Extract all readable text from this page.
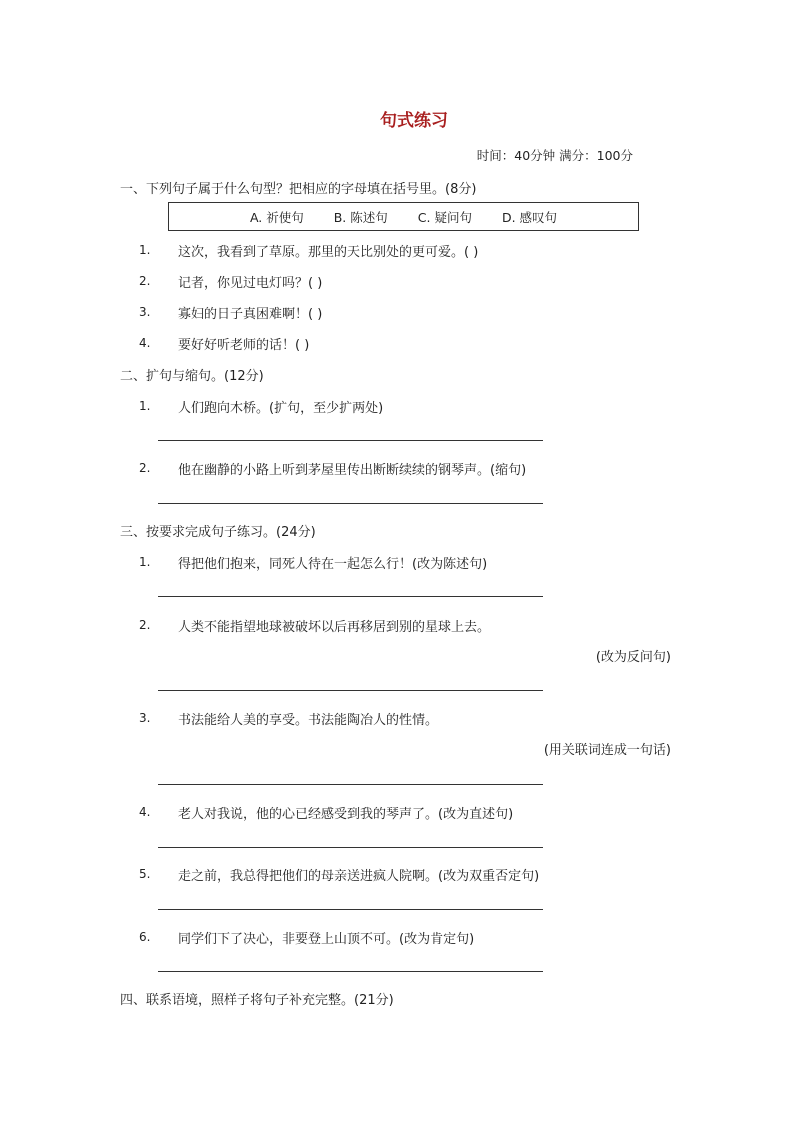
句式练习
时间：40分钟 满分：100分
一、下列句子属于什么句型？把相应的字母填在括号里。(8分)
A. 祈使句 B. 陈述句 C. 疑问句 D. 感叹句
1. 这次，我看到了草原。那里的天比别处的更可爱。( )
2. 记者，你见过电灯吗？( )
3. 寡妇的日子真困难啊！( )
4. 要好好听老师的话！( )
二、扩句与缩句。(12分)
1. 人们跑向木桥。(扩句，至少扩两处)
2. 他在幽静的小路上听到茅屋里传出断断续续的钢琴声。(缩句)
三、按要求完成句子练习。(24分)
1. 得把他们抱来，同死人待在一起怎么行！(改为陈述句)
2. 人类不能指望地球被破坏以后再移居到别的星球上去。
(改为反问句)
3. 书法能给人美的享受。书法能陶冶人的性情。
(用关联词连成一句话)
4. 老人对我说，他的心已经感受到我的琴声了。(改为直述句)
5. 走之前，我总得把他们的母亲送进疯人院啊。(改为双重否定句)
6. 同学们下了决心，非要登上山顶不可。(改为肯定句)
四、联系语境，照样子将句子补充完整。(21分)
